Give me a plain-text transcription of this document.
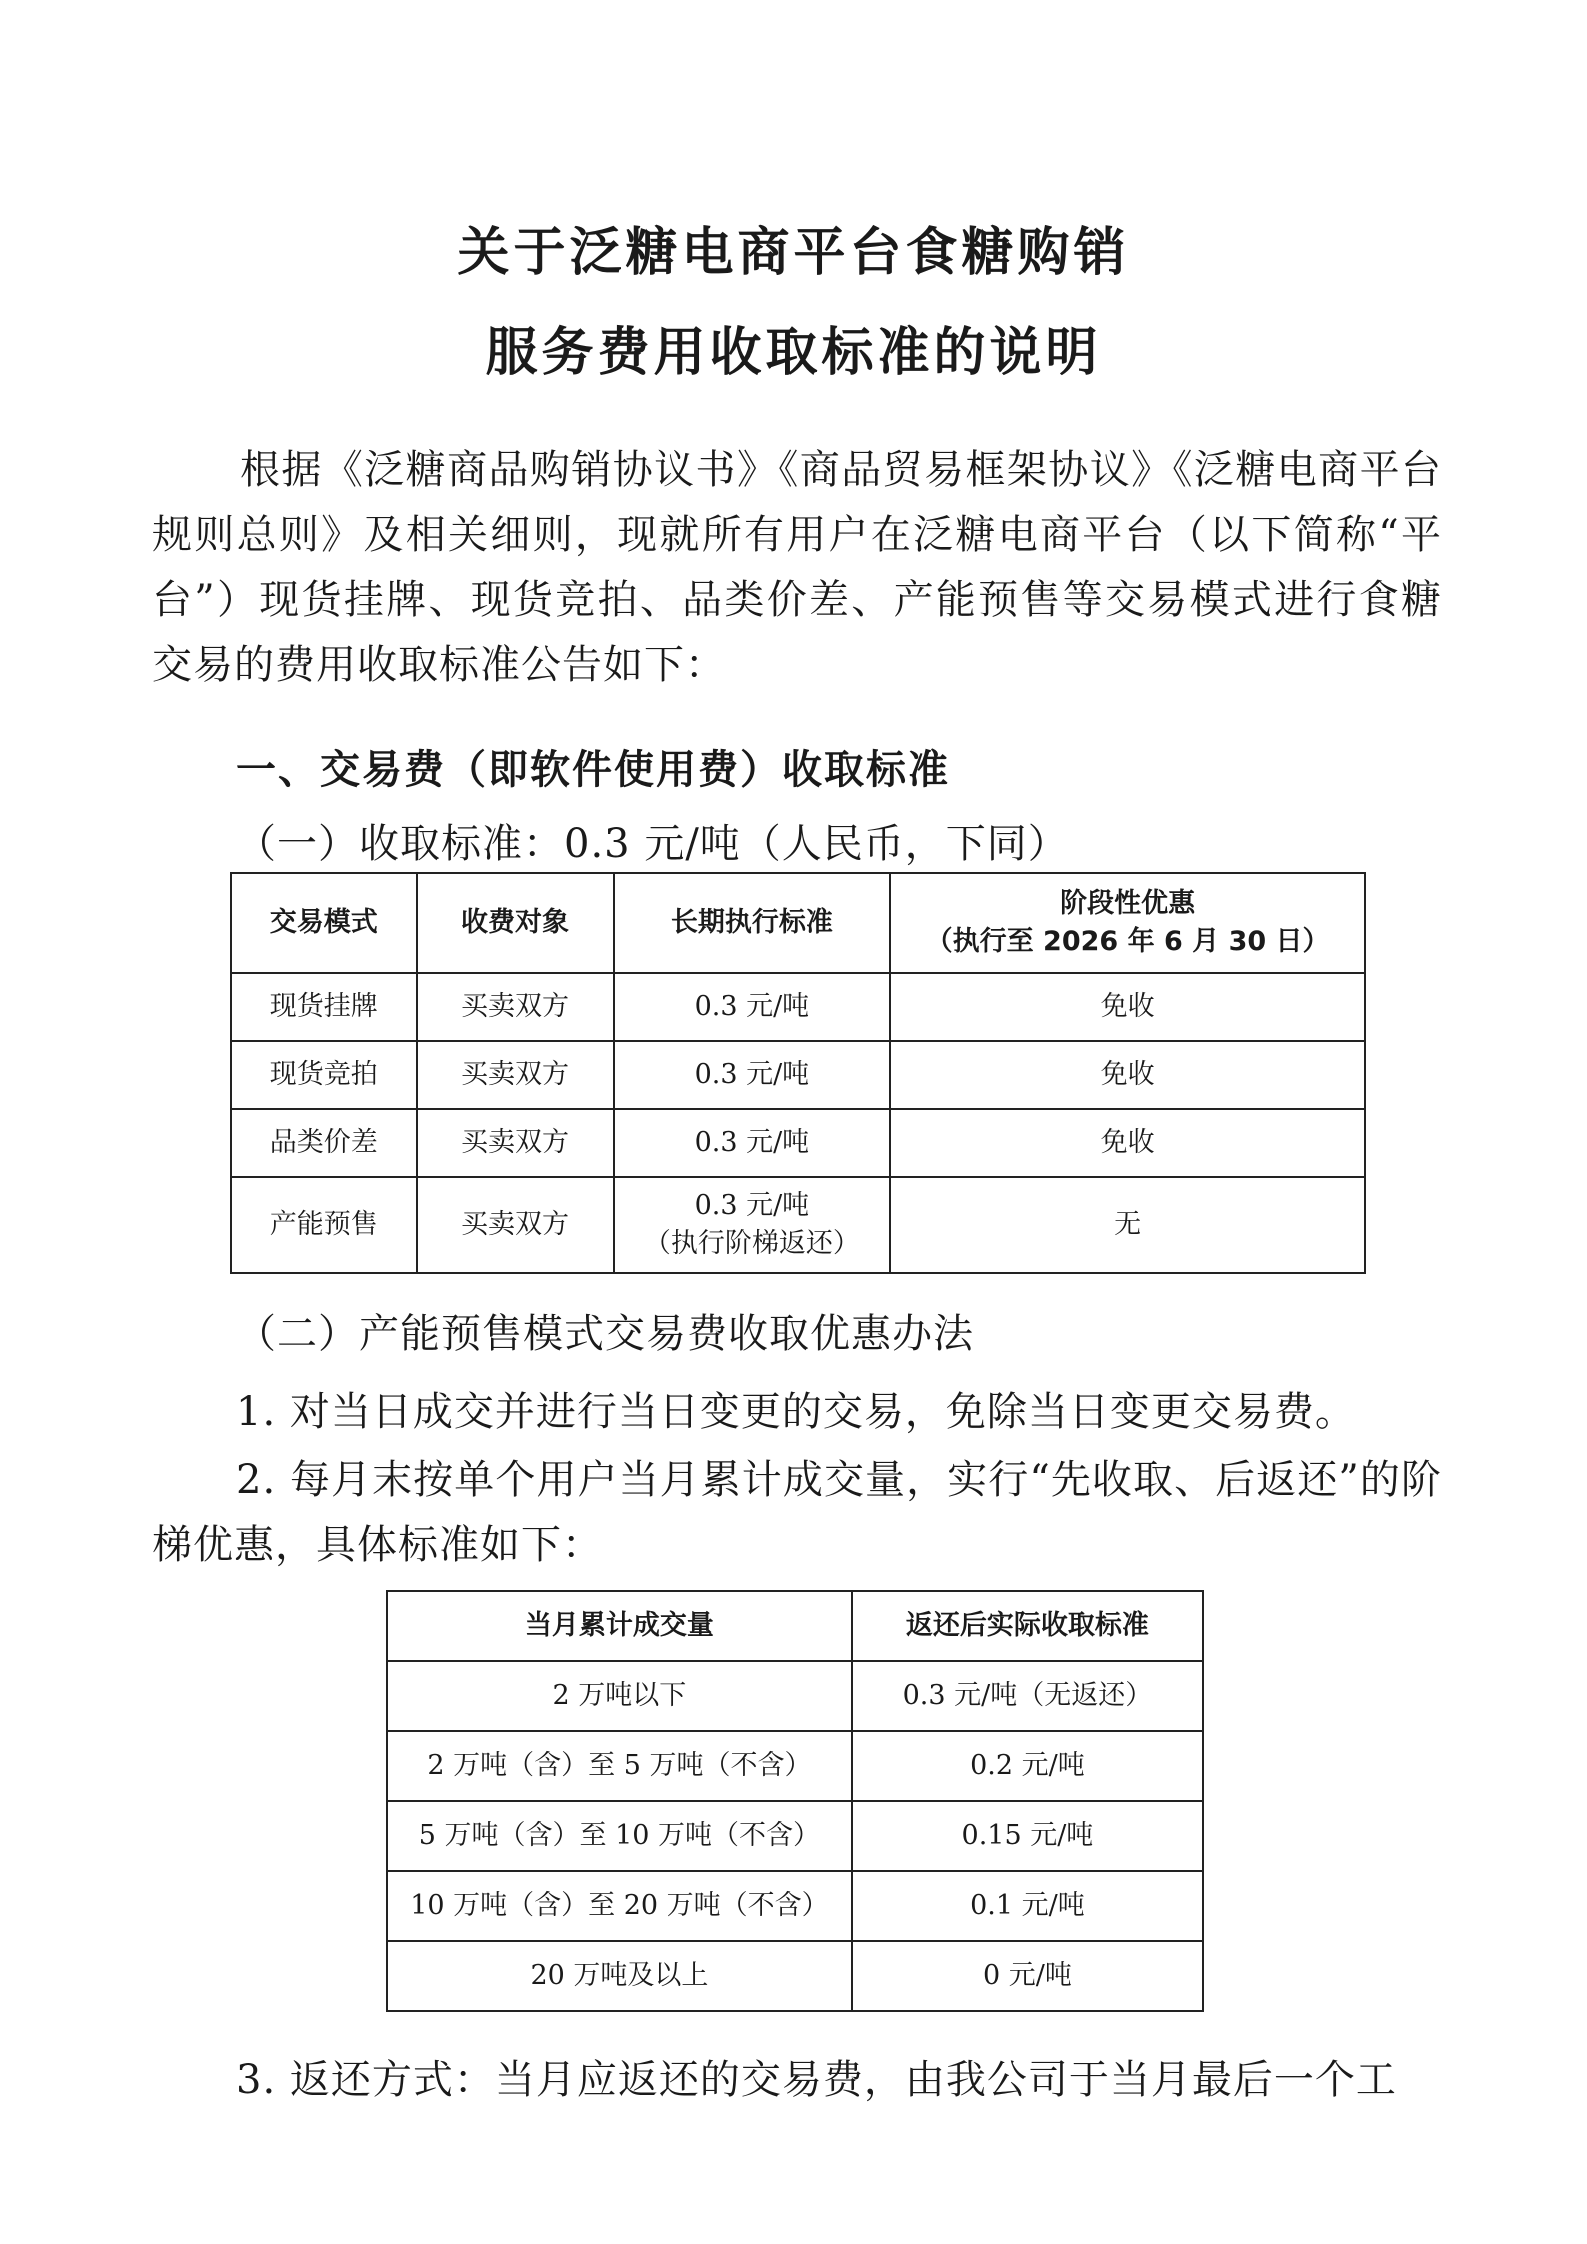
关于泛糖电商平台食糖购销
服务费用收取标准的说明
根据《泛糖商品购销协议书》《商品贸易框架协议》《泛糖电商平台规则总则》及相关细则，现就所有用户在泛糖电商平台（以下简称“平台”）现货挂牌、现货竞拍、品类价差、产能预售等交易模式进行食糖交易的费用收取标准公告如下：
一、交易费（即软件使用费）收取标准
（一）收取标准：0.3 元/吨（人民币，下同）
交易模式	收费对象	长期执行标准	阶段性优惠
（执行至 2026 年 6 月 30 日）

现货挂牌	买卖双方	0.3 元/吨	免收
现货竞拍	买卖双方	0.3 元/吨	免收
品类价差	买卖双方	0.3 元/吨	免收
产能预售	买卖双方	0.3 元/吨
（执行阶梯返还）	无
（二）产能预售模式交易费收取优惠办法
1. 对当日成交并进行当日变更的交易，免除当日变更交易费。
2. 每月末按单个用户当月累计成交量，实行“先收取、后返还”的阶梯优惠，具体标准如下：
当月累计成交量	返还后实际收取标准
2 万吨以下	0.3 元/吨（无返还）
2 万吨（含）至 5 万吨（不含）	0.2 元/吨
5 万吨（含）至 10 万吨（不含）	0.15 元/吨
10 万吨（含）至 20 万吨（不含）	0.1 元/吨
20 万吨及以上	0 元/吨
3. 返还方式：当月应返还的交易费，由我公司于当月最后一个工
